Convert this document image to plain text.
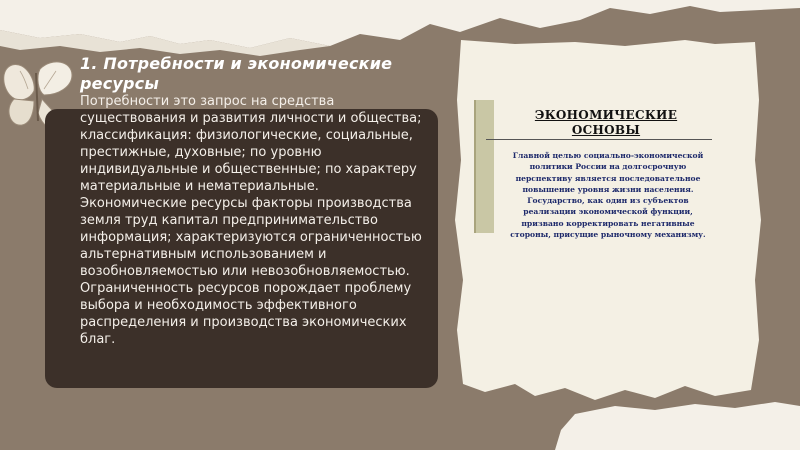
1. Потребности и экономические ресурсы

Потребности это запрос на средства существования и развития личности и общества; классификация: физиологические, социальные, престижные, духовные; по уровню индивидуальные и общественные; по характеру материальные и нематериальные. Экономические ресурсы факторы производства земля труд капитал предпринимательство информация; характеризуются ограниченностью альтернативным использованием и возобновляемостью или невозобновляемостью. Ограниченность ресурсов порождает проблему выбора и необходимость эффективного распределения и производства экономических благ.

ЭКОНОМИЧЕСКИЕ ОСНОВЫ

Главной целью социально-экономической политики России на долгосрочную перспективу является последовательное повышение уровня жизни населения. Государство, как один из субъектов реализации экономической функции, призвано корректировать негативные стороны, присущие рыночному механизму.
